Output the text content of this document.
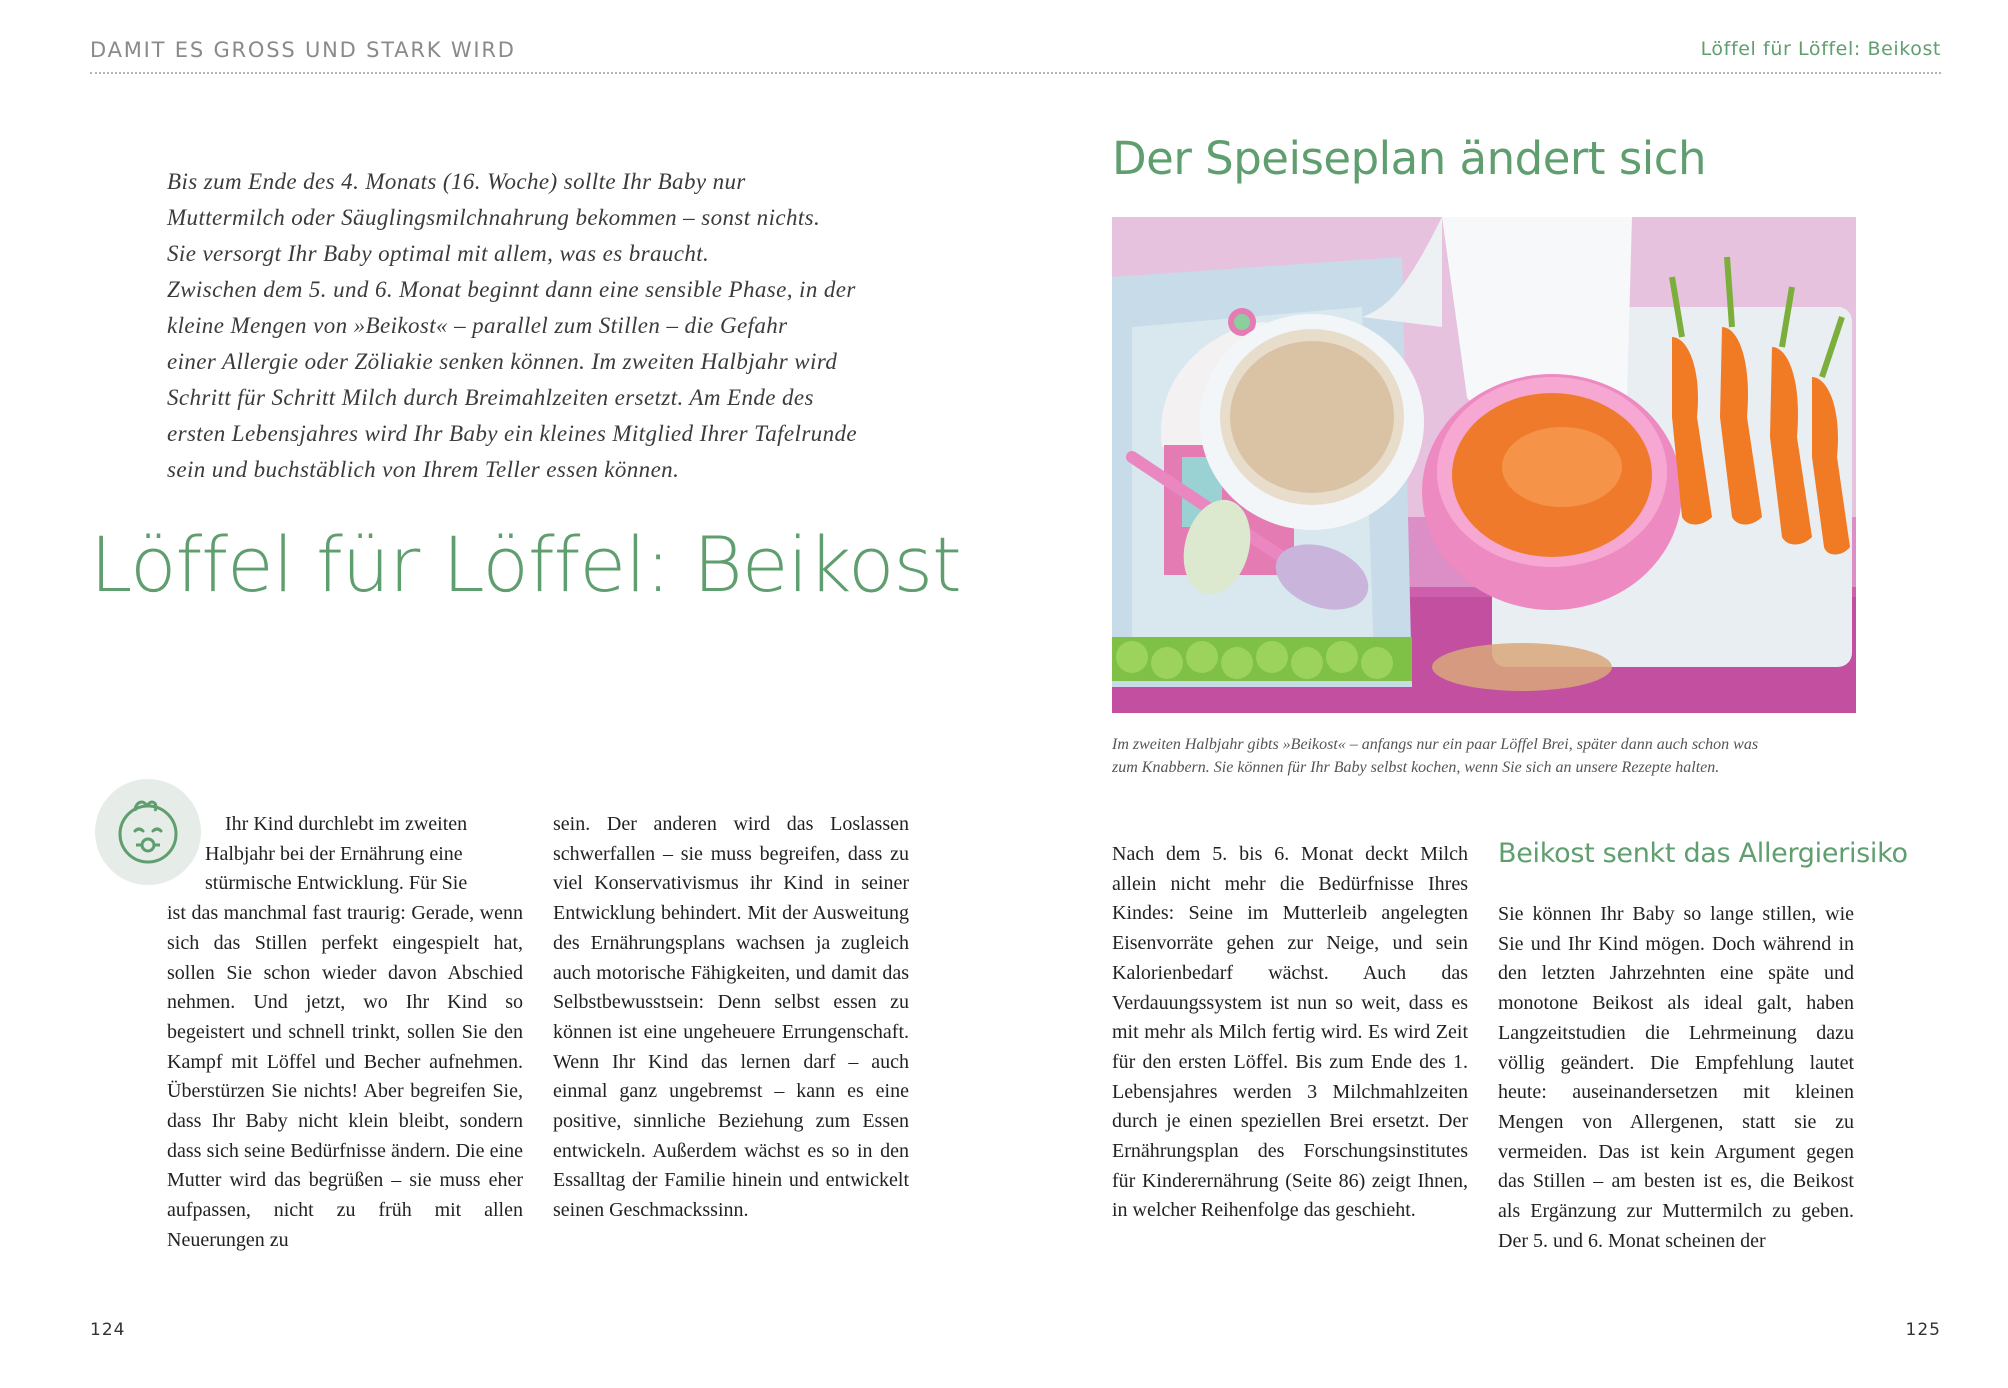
DAMIT ES GROSS UND STARK WIRD	Löffel für Löffel: Beikost
Bis zum Ende des 4. Monats (16. Woche) sollte Ihr Baby nur
Muttermilch oder Säuglingsmilchnahrung bekommen – sonst nichts.
Sie versorgt Ihr Baby optimal mit allem, was es braucht.
Zwischen dem 5. und 6. Monat beginnt dann eine sensible Phase, in der
kleine Mengen von »Beikost« – parallel zum Stillen – die Gefahr
einer Allergie oder Zöliakie senken können. Im zweiten Halbjahr wird
Schritt für Schritt Milch durch Breimahlzeiten ersetzt. Am Ende des
ersten Lebensjahres wird Ihr Baby ein kleines Mitglied Ihrer Tafelrunde
sein und buchstäblich von Ihrem Teller essen können.
Löffel für Löffel: Beikost
Der Speiseplan ändert sich
Im zweiten Halbjahr gibts »Beikost« – anfangs nur ein paar Löffel Brei, später dann auch schon was
zum Knabbern. Sie können für Ihr Baby selbst kochen, wenn Sie sich an unsere Rezepte halten.

Ihr Kind durchlebt im zweiten

Halbjahr bei der Ernährung eine

stürmische Entwicklung. Für Sie

ist das manchmal fast traurig: Gerade, wenn sich das Stillen perfekt eingespielt hat, sollen Sie schon wieder davon Abschied nehmen. Und jetzt, wo Ihr Kind so begeistert und schnell trinkt, sollen Sie den Kampf mit Löffel und Becher aufnehmen. Überstürzen Sie nichts! Aber begreifen Sie, dass Ihr Baby nicht klein bleibt, sondern dass sich seine Bedürfnisse ändern. Die eine Mutter wird das begrüßen – sie muss eher aufpassen, nicht zu früh mit allen Neuerungen zu

sein. Der anderen wird das Loslassen schwerfallen – sie muss begreifen, dass zu viel Konservativismus ihr Kind in seiner Entwicklung behindert. Mit der Ausweitung des Ernährungsplans wachsen ja zugleich auch motorische Fähigkeiten, und damit das Selbstbewusstsein: Denn selbst essen zu können ist eine ungeheuere Errungenschaft. Wenn Ihr Kind das lernen darf – auch einmal ganz ungebremst – kann es eine positive, sinnliche Beziehung zum Essen entwickeln. Außerdem wächst es so in den Essalltag der Familie hinein und entwickelt seinen Geschmackssinn.

Nach dem 5. bis 6. Monat deckt Milch allein nicht mehr die Bedürfnisse Ihres Kindes: Seine im Mutterleib angelegten Eisenvorräte gehen zur Neige, und sein Kalorienbedarf wächst. Auch das Verdauungssystem ist nun so weit, dass es mit mehr als Milch fertig wird. Es wird Zeit für den ersten Löffel. Bis zum Ende des 1. Lebensjahres werden 3 Milchmahlzeiten durch je einen speziellen Brei ersetzt. Der Ernährungsplan des Forschungsinstitutes für Kinderernährung (Seite 86) zeigt Ihnen, in welcher Reihenfolge das geschieht.

Beikost senkt das Allergierisiko

Sie können Ihr Baby so lange stillen, wie Sie und Ihr Kind mögen. Doch während in den letzten Jahrzehnten eine späte und monotone Beikost als ideal galt, haben Langzeitstudien die Lehrmeinung dazu völlig geändert. Die Empfehlung lautet heute: auseinandersetzen mit kleinen Mengen von Allergenen, statt sie zu vermeiden. Das ist kein Argument gegen das Stillen – am besten ist es, die Beikost als Ergänzung zur Muttermilch zu geben. Der 5. und 6. Monat scheinen der

124	125
